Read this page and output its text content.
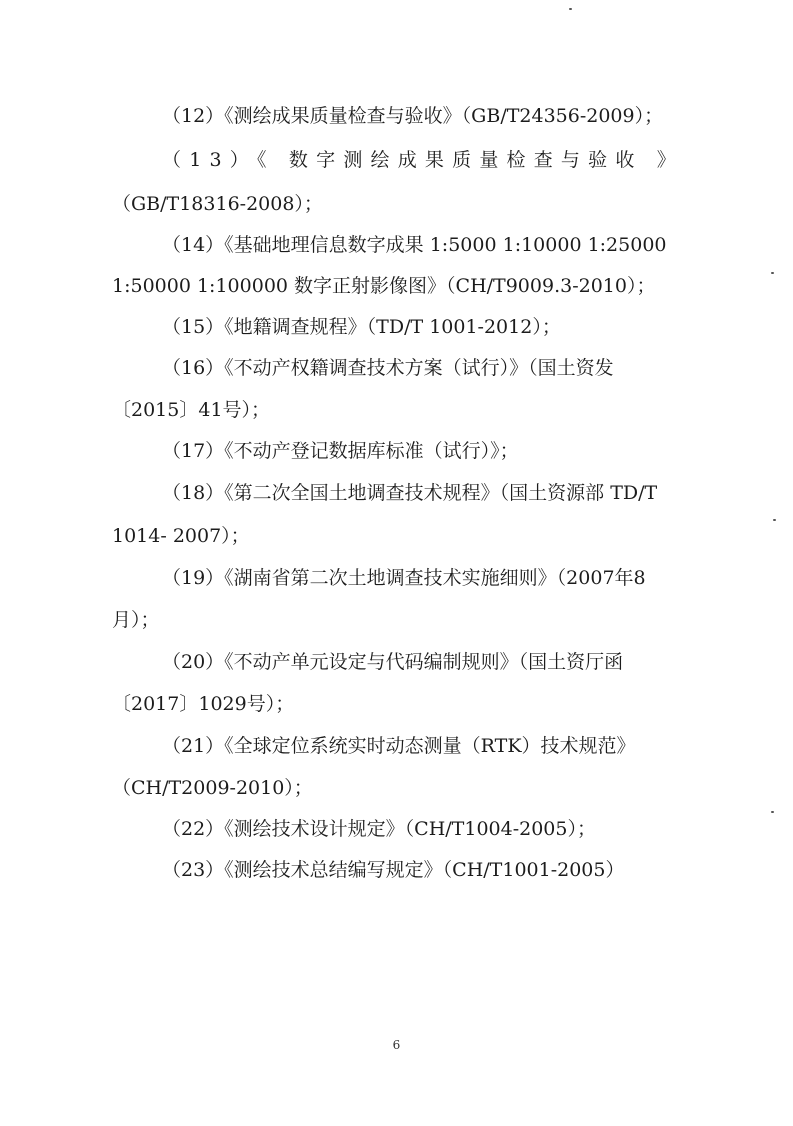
（12）《测绘成果质量检查与验收》（GB/T24356-2009）；
（13）《 数字测绘成果质量检查与验收 》
（GB/T18316-2008）；
（14）《基础地理信息数字成果 1:5000 1:10000 1:25000
1:50000 1:100000 数字正射影像图》（CH/T9009.3-2010）；
（15）《地籍调查规程》（TD/T 1001-2012）；
（16）《不动产权籍调查技术方案（试行）》（国土资发
〔2015〕41号）；
（17）《不动产登记数据库标准（试行）》；
（18）《第二次全国土地调查技术规程》（国土资源部 TD/T
1014- 2007）；
（19）《湖南省第二次土地调查技术实施细则》（2007年8
月）；
（20）《不动产单元设定与代码编制规则》（国土资厅函
〔2017〕1029号）；
（21）《全球定位系统实时动态测量（RTK）技术规范》
（CH/T2009-2010）；
（22）《测绘技术设计规定》（CH/T1004-2005）；
（23）《测绘技术总结编写规定》（CH/T1001-2005）
6
